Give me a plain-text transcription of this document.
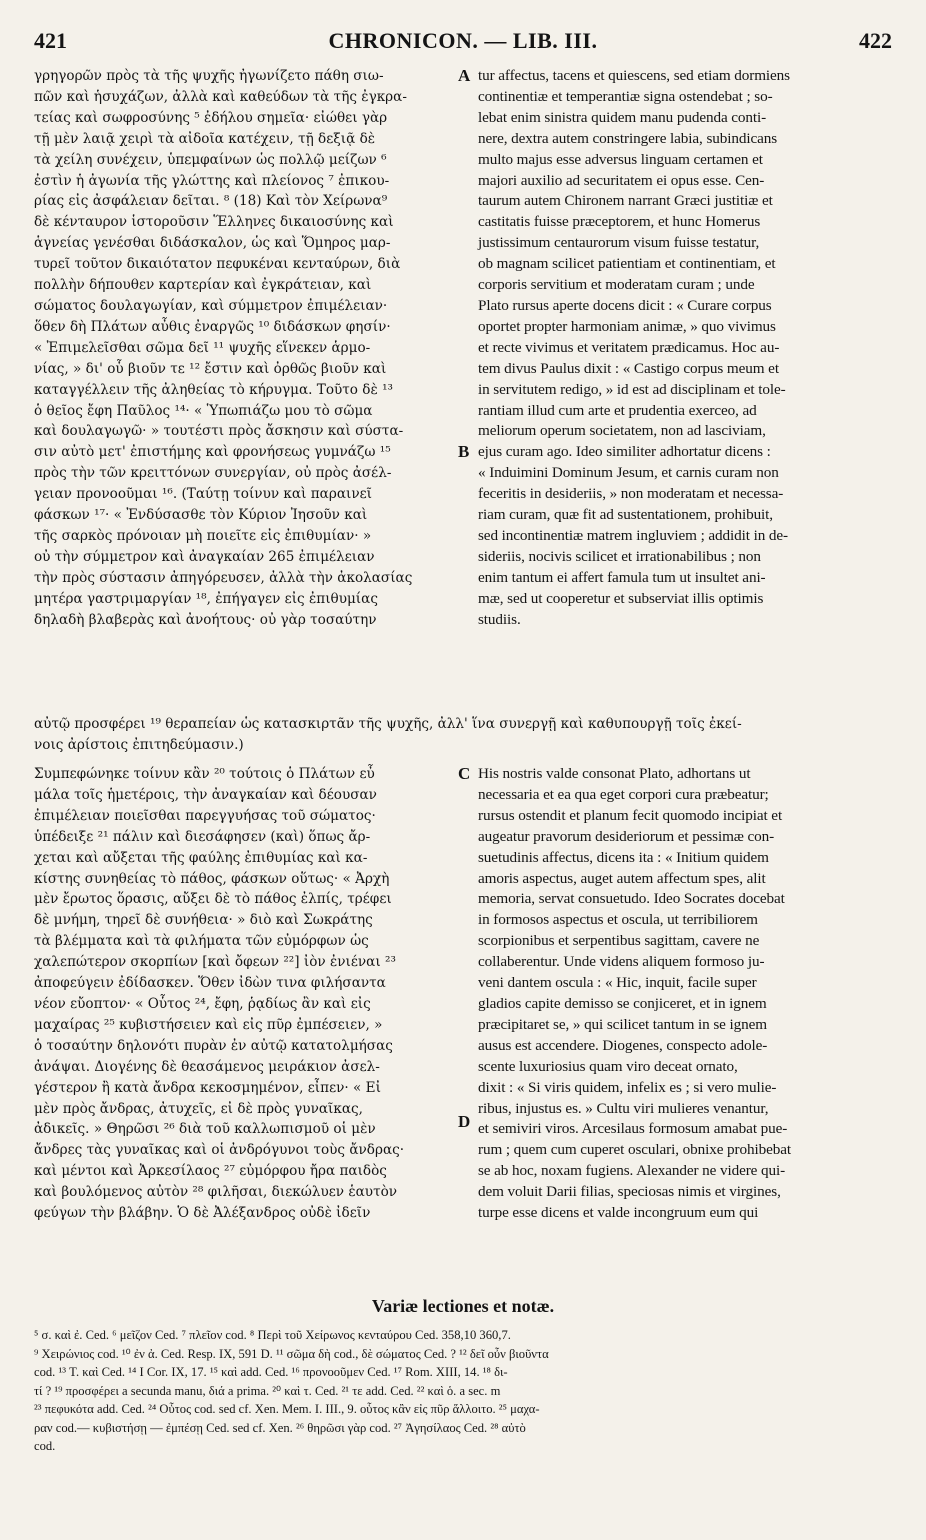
421	CHRONICON. — LIB. III.	422
γρηγορῶν πρὸς τὰ τῆς ψυχῆς ἠγωνίζετο πάθη σιω-
πῶν καὶ ἡσυχάζων, ἀλλὰ καὶ καθεύδων τὰ τῆς ἐγκρα-
τείας καὶ σωφροσύνης ⁵ ἐδήλου σημεῖα· εἰώθει γὰρ
τῇ μὲν λαιᾷ χειρὶ τὰ αἰδοῖα κατέχειν, τῇ δεξιᾷ δὲ
τὰ χείλη συνέχειν, ὑπεμφαίνων ὡς πολλῷ μείζων ⁶
ἐστὶν ἡ ἀγωνία τῆς γλώττης καὶ πλείονος ⁷ ἐπικου-
ρίας εἰς ἀσφάλειαν δεῖται. ⁸ (18) Καὶ τὸν Χείρωνα⁹
δὲ κένταυρον ἱστοροῦσιν Ἕλληνες δικαιοσύνης καὶ
ἁγνείας γενέσθαι διδάσκαλον, ὡς καὶ Ὅμηρος μαρ-
τυρεῖ τοῦτον δικαιότατον πεφυκέναι κενταύρων, διὰ
πολλὴν δήπουθεν καρτερίαν καὶ ἐγκράτειαν, καὶ
σώματος δουλαγωγίαν, καὶ σύμμετρον ἐπιμέλειαν·
ὅθεν δὴ Πλάτων αὖθις ἐναργῶς ¹⁰ διδάσκων φησίν·
« Ἐπιμελεῖσθαι σῶμα δεῖ ¹¹ ψυχῆς εἵνεκεν ἁρμο-
νίας, » δι' οὗ βιοῦν τε ¹² ἔστιν καὶ ὀρθῶς βιοῦν καὶ
καταγγέλλειν τῆς ἀληθείας τὸ κήρυγμα. Τοῦτο δὲ ¹³
ὁ θεῖος ἔφη Παῦλος ¹⁴· « Ὑπωπιάζω μου τὸ σῶμα
καὶ δουλαγωγῶ· » τουτέστι πρὸς ἄσκησιν καὶ σύστα-
σιν αὐτὸ μετ' ἐπιστήμης καὶ φρονήσεως γυμνάζω ¹⁵
πρὸς τὴν τῶν κρειττόνων συνεργίαν, οὐ πρὸς ἀσέλ-
γειαν προνοοῦμαι ¹⁶. (Ταύτῃ τοίνυν καὶ παραινεῖ
φάσκων ¹⁷· « Ἐνδύσασθε τὸν Κύριον Ἰησοῦν καὶ
τῆς σαρκὸς πρόνοιαν μὴ ποιεῖτε εἰς ἐπιθυμίαν· »
οὐ τὴν σύμμετρον καὶ ἀναγκαίαν 265 ἐπιμέλειαν
τὴν πρὸς σύστασιν ἀπηγόρευσεν, ἀλλὰ τὴν ἀκολασίας
μητέρα γαστριμαργίαν ¹⁸, ἐπήγαγεν εἰς ἐπιθυμίας
δηλαδὴ βλαβερὰς καὶ ἀνοήτους· οὐ γὰρ τοσαύτην
A
B
tur affectus, tacens et quiescens, sed etiam dormiens
continentiæ et temperantiæ signa ostendebat ; so-
lebat enim sinistra quidem manu pudenda conti-
nere, dextra autem constringere labia, subindicans
multo majus esse adversus linguam certamen et
majori auxilio ad securitatem ei opus esse. Cen-
taurum autem Chironem narrant Græci justitiæ et
castitatis fuisse præceptorem, et hunc Homerus
justissimum centaurorum visum fuisse testatur,
ob magnam scilicet patientiam et continentiam, et
corporis servitium et moderatam curam ; unde
Plato rursus aperte docens dicit : « Curare corpus
oportet propter harmoniam animæ, » quo vivimus
et recte vivimus et veritatem prædicamus. Hoc au-
tem divus Paulus dixit : « Castigo corpus meum et
in servitutem redigo, » id est ad disciplinam et tole-
rantiam illud cum arte et prudentia exerceo, ad
meliorum operum societatem, non ad lasciviam,
ejus curam ago. Ideo similiter adhortatur dicens :
« Induimini Dominum Jesum, et carnis curam non
feceritis in desideriis, » non moderatam et necessa-
riam curam, quæ fit ad sustentationem, prohibuit,
sed incontinentiæ matrem ingluviem ; addidit in de-
sideriis, nocivis scilicet et irrationabilibus ; non
enim tantum ei affert famula tum ut insultet ani-
mæ, sed ut cooperetur et subserviat illis optimis
studiis.
αὐτῷ προσφέρει ¹⁹ θεραπείαν ὡς κατασκιρτᾶν τῆς ψυχῆς, ἀλλ' ἵνα συνεργῇ καὶ καθυπουργῇ τοῖς ἐκεί-
νοις ἀρίστοις ἐπιτηδεύμασιν.)
Συμπεφώνηκε τοίνυν κἂν ²⁰ τούτοις ὁ Πλάτων εὖ
μάλα τοῖς ἡμετέροις, τὴν ἀναγκαίαν καὶ δέουσαν
ἐπιμέλειαν ποιεῖσθαι παρεγγυήσας τοῦ σώματος·
ὑπέδειξε ²¹ πάλιν καὶ διεσάφησεν (καὶ) ὅπως ἄρ-
χεται καὶ αὔξεται τῆς φαύλης ἐπιθυμίας καὶ κα-
κίστης συνηθείας τὸ πάθος, φάσκων οὕτως· « Ἀρχὴ
μὲν ἔρωτος ὅρασις, αὔξει δὲ τὸ πάθος ἐλπίς, τρέφει
δὲ μνήμη, τηρεῖ δὲ συνήθεια· » διὸ καὶ Σωκράτης
τὰ βλέμματα καὶ τὰ φιλήματα τῶν εὐμόρφων ὡς
χαλεπώτερον σκορπίων [καὶ ὄφεων ²²] ἰὸν ἐνιέναι ²³
ἀποφεύγειν ἐδίδασκεν. Ὅθεν ἰδὼν τινα φιλήσαντα
νέον εὔοπτον· « Οὗτος ²⁴, ἔφη, ῥᾳδίως ἂν καὶ εἰς
μαχαίρας ²⁵ κυβιστήσειεν καὶ εἰς πῦρ ἐμπέσειεν, »
ὁ τοσαύτην δηλονότι πυρὰν ἐν αὐτῷ κατατολμήσας
ἀνάψαι. Διογένης δὲ θεασάμενος μειράκιον ἀσελ-
γέστερον ἢ κατὰ ἄνδρα κεκοσμημένον, εἶπεν· « Εἰ
μὲν πρὸς ἄνδρας, ἀτυχεῖς, εἰ δὲ πρὸς γυναῖκας,
ἀδικεῖς. » Θηρῶσι ²⁶ διὰ τοῦ καλλωπισμοῦ οἱ μὲν
ἄνδρες τὰς γυναῖκας καὶ οἱ ἀνδρόγυνοι τοὺς ἄνδρας·
καὶ μέντοι καὶ Ἀρκεσίλαος ²⁷ εὐμόρφου ἤρα παιδὸς
καὶ βουλόμενος αὐτὸν ²⁸ φιλῆσαι, διεκώλυεν ἑαυτὸν
φεύγων τὴν βλάβην. Ὁ δὲ Ἀλέξανδρος οὐδὲ ἰδεῖν
C
D
His nostris valde consonat Plato, adhortans ut
necessaria et ea qua eget corpori cura præbeatur;
rursus ostendit et planum fecit quomodo incipiat et
augeatur pravorum desideriorum et pessimæ con-
suetudinis affectus, dicens ita : « Initium quidem
amoris aspectus, auget autem affectum spes, alit
memoria, servat consuetudo. Ideo Socrates docebat
in formosos aspectus et oscula, ut terribiliorem
scorpionibus et serpentibus sagittam, cavere ne
collaberentur. Unde videns aliquem formoso ju-
veni dantem oscula : « Hic, inquit, facile super
gladios capite demisso se conjiceret, et in ignem
præcipitaret se, » qui scilicet tantum in se ignem
ausus est accendere. Diogenes, conspecto adole-
scente luxuriosius quam viro deceat ornato,
dixit : « Si viris quidem, infelix es ; si vero mulie-
ribus, injustus es. » Cultu viri mulieres venantur,
et semiviri viros. Arcesilaus formosum amabat pue-
rum ; quem cum cuperet osculari, obnixe prohibebat
se ab hoc, noxam fugiens. Alexander ne videre qui-
dem voluit Darii filias, speciosas nimis et virgines,
turpe esse dicens et valde incongruum eum qui
Variæ lectiones et notæ.
⁵ σ. καὶ ἐ. Ced. ⁶ μεῖζον Ced. ⁷ πλεῖον cod. ⁸ Περὶ τοῦ Χείρωνος κενταύρου Ced. 358,10 360,7.
⁹ Χειρώνιος cod. ¹⁰ ἐν ἀ. Ced. Resp. IX, 591 D. ¹¹ σῶμα δὴ cod., δὲ σώματος Ced. ? ¹² δεῖ οὖν βιοῦντα
cod. ¹³ Τ. καὶ Ced. ¹⁴ I Cor. IX, 17. ¹⁵ καὶ add. Ced. ¹⁶ προνοοῦμεν Ced. ¹⁷ Rom. XIII, 14. ¹⁸ δι-
τί ? ¹⁹ προσφέρει a secunda manu, διά a prima. ²⁰ καὶ τ. Ced. ²¹ τε add. Ced. ²² καὶ ὁ. a sec. m
²³ πεφυκότα add. Ced. ²⁴ Οὗτος cod. sed cf. Xen. Mem. I. III., 9. οὗτος κἂν εἰς πῦρ ἅλλοιτο. ²⁵ μαχα-
ραν cod.— κυβιστήσῃ — ἐμπέσῃ Ced. sed cf. Xen. ²⁶ θηρῶσι γὰρ cod. ²⁷ Ἀγησίλαος Ced. ²⁸ αὐτὸ
cod.
